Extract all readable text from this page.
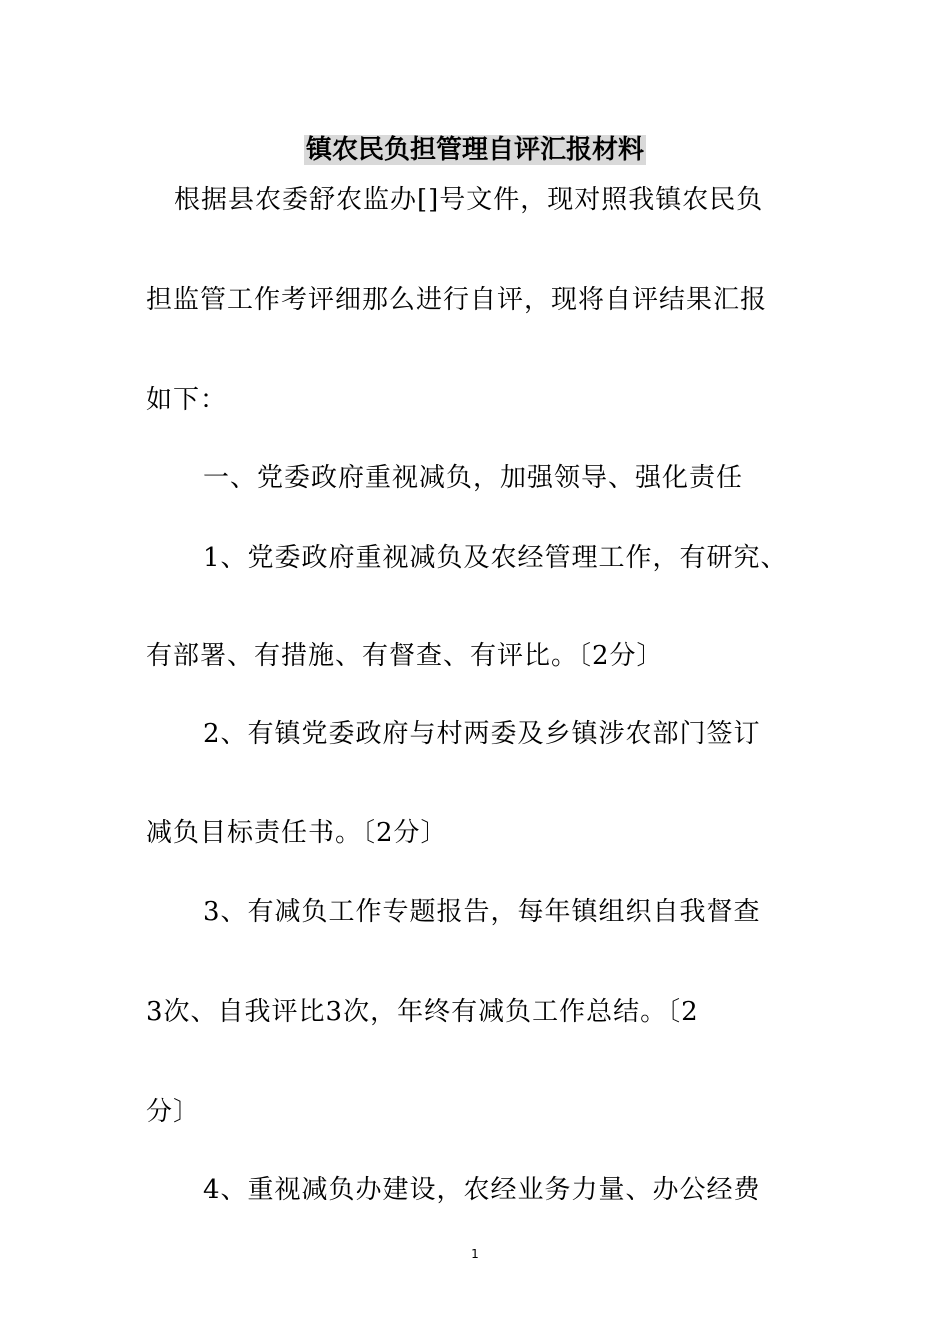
镇农民负担管理自评汇报材料
根据县农委舒农监办[]号文件，现对照我镇农民负
担监管工作考评细那么进行自评，现将自评结果汇报
如下：
一、党委政府重视减负，加强领导、强化责任
1、党委政府重视减负及农经管理工作，有研究、
有部署、有措施、有督查、有评比。〔2分〕
2、有镇党委政府与村两委及乡镇涉农部门签订
减负目标责任书。〔2分〕
3、有减负工作专题报告，每年镇组织自我督查
3次、自我评比3次，年终有减负工作总结。〔2
分〕
4、重视减负办建设，农经业务力量、办公经费
1
